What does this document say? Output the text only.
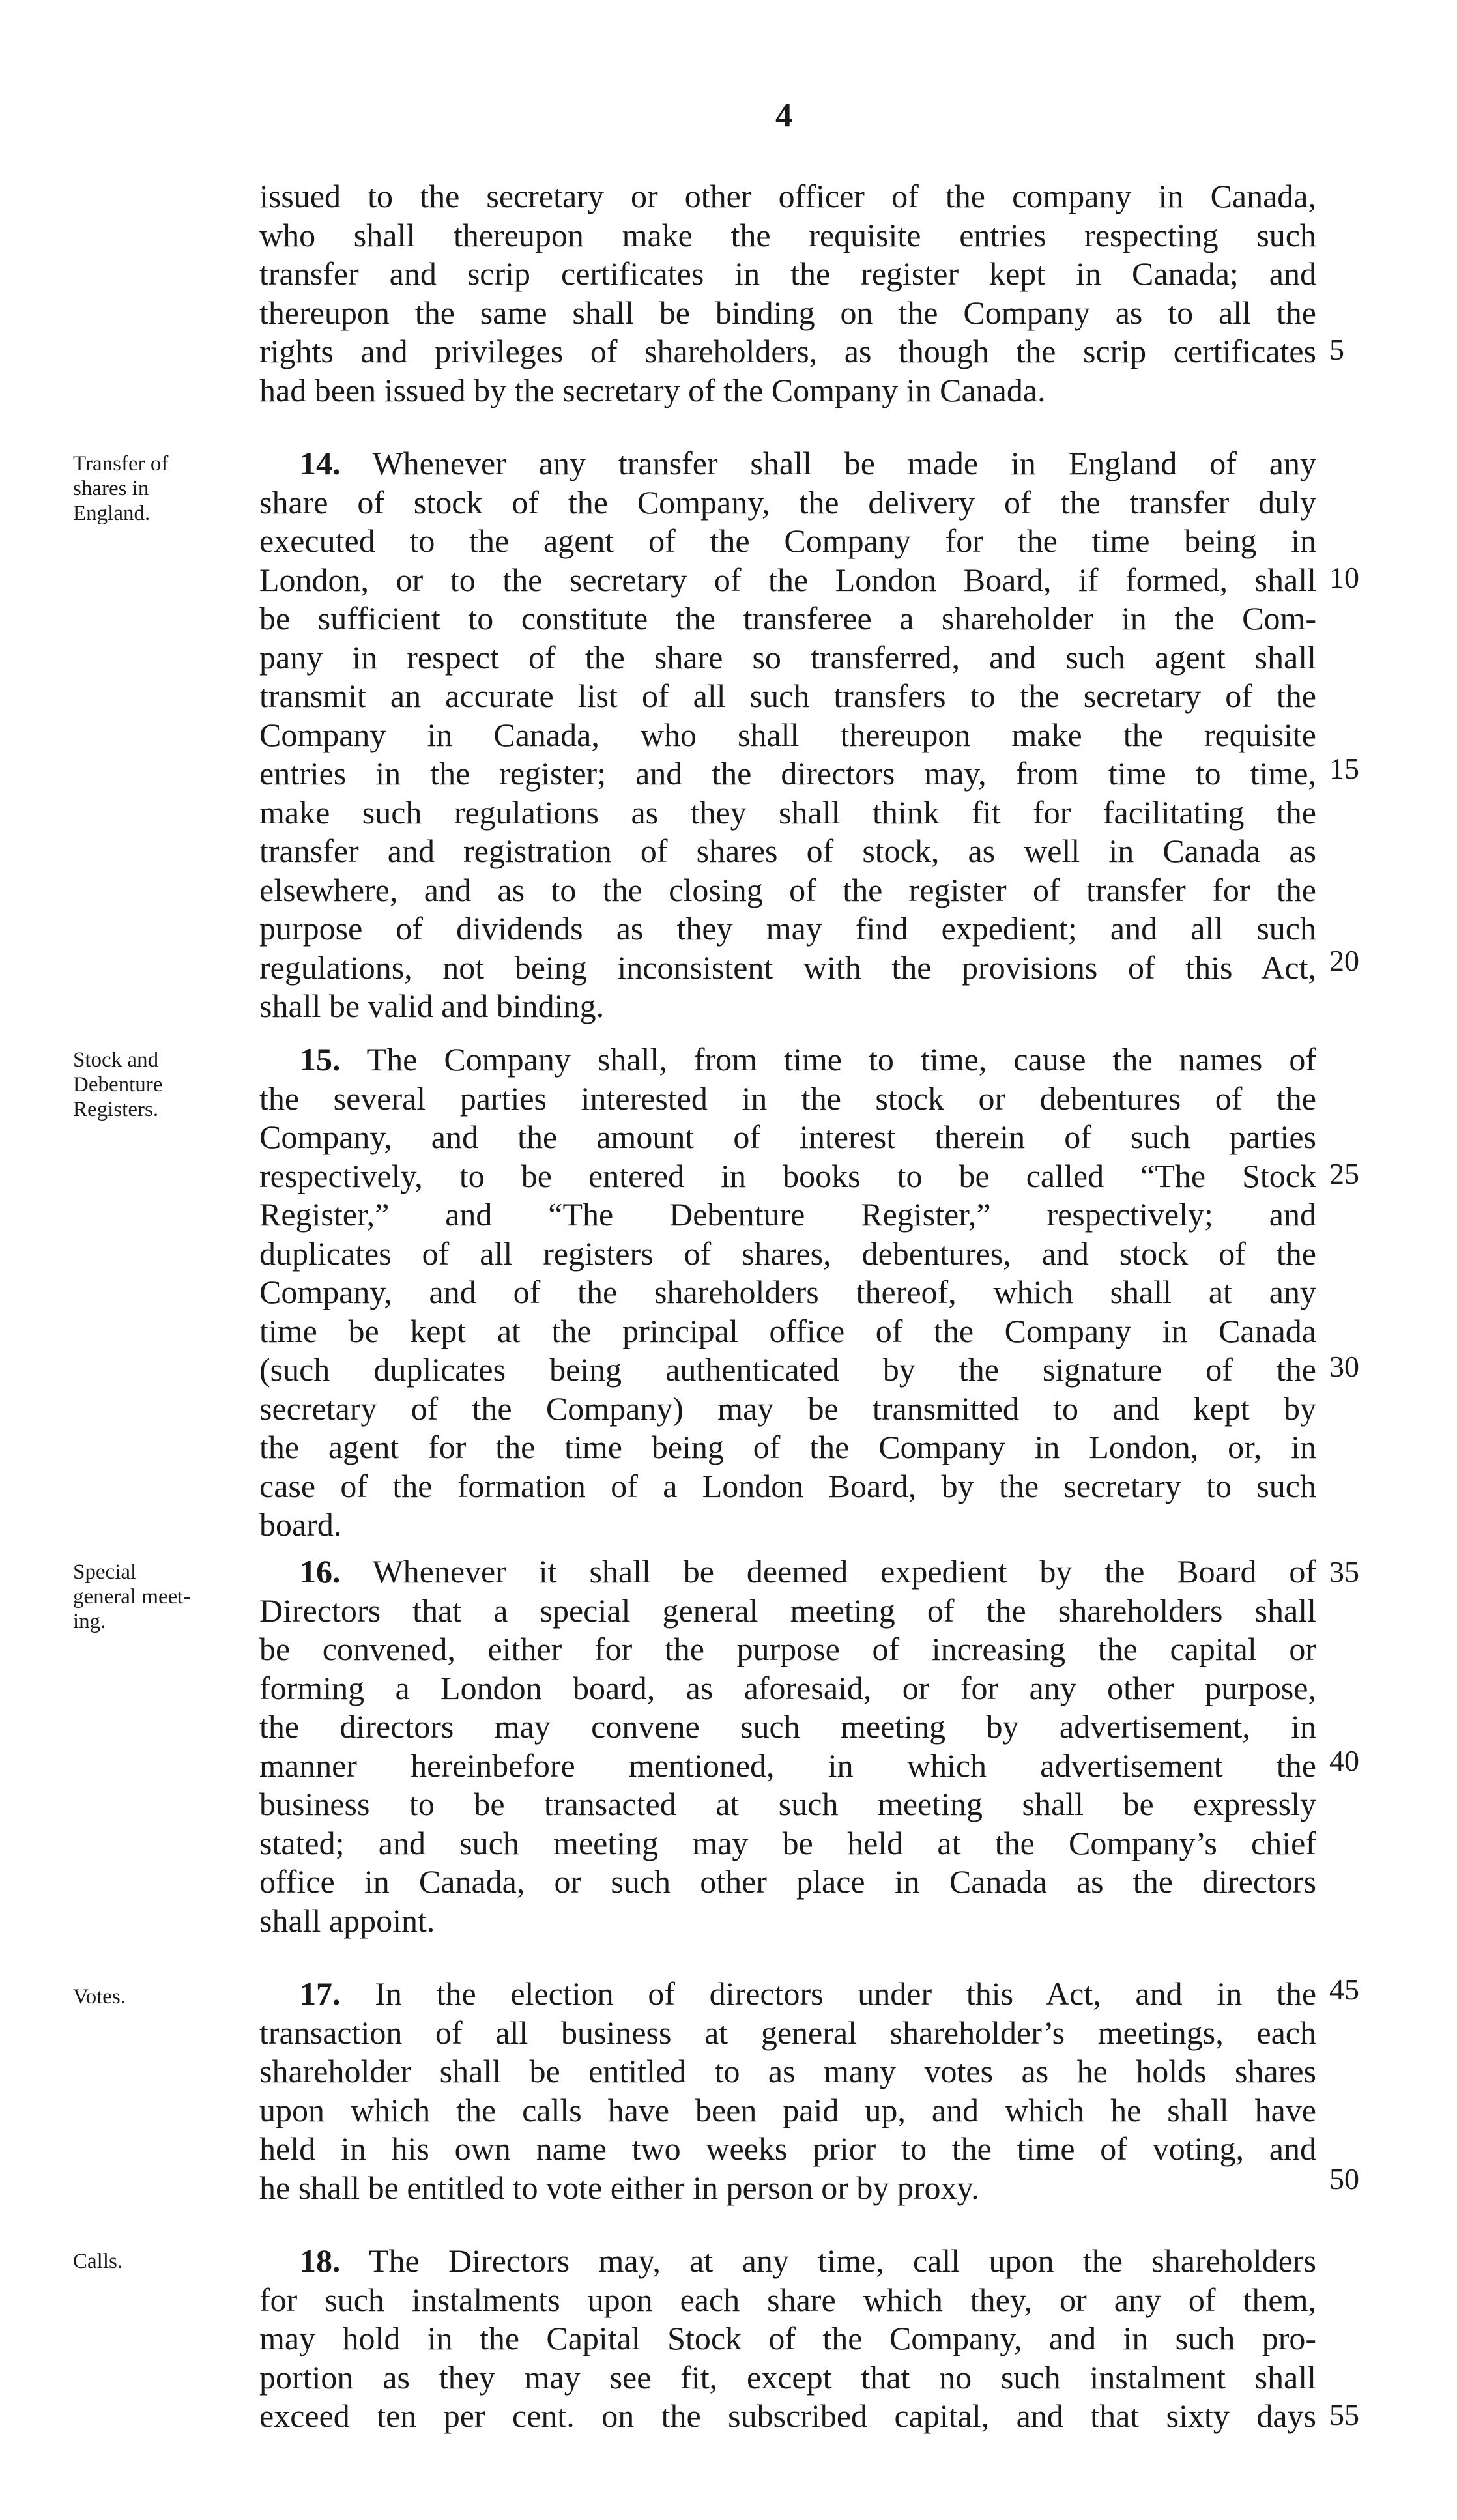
4
issued to the secretary or other officer of the company in Canada,
who shall thereupon make the requisite entries respecting such
transfer and scrip certificates in the register kept in Canada; and
thereupon the same shall be binding on the Company as to all the
rights and privileges of shareholders, as though the scrip certificates
had been issued by the secretary of the Company in Canada.
Transfer of
shares in
England.
14. Whenever any transfer shall be made in England of any
share of stock of the Company, the delivery of the transfer duly
executed to the agent of the Company for the time being in
London, or to the secretary of the London Board, if formed, shall
be sufficient to constitute the transferee a shareholder in the Com-
pany in respect of the share so transferred, and such agent shall
transmit an accurate list of all such transfers to the secretary of the
Company in Canada, who shall thereupon make the requisite
entries in the register; and the directors may, from time to time,
make such regulations as they shall think fit for facilitating the
transfer and registration of shares of stock, as well in Canada as
elsewhere, and as to the closing of the register of transfer for the
purpose of dividends as they may find expedient; and all such
regulations, not being inconsistent with the provisions of this Act,
shall be valid and binding.
Stock and
Debenture
Registers.
15. The Company shall, from time to time, cause the names of
the several parties interested in the stock or debentures of the
Company, and the amount of interest therein of such parties
respectively, to be entered in books to be called “The Stock
Register,” and “The Debenture Register,” respectively; and
duplicates of all registers of shares, debentures, and stock of the
Company, and of the shareholders thereof, which shall at any
time be kept at the principal office of the Company in Canada
(such duplicates being authenticated by the signature of the
secretary of the Company) may be transmitted to and kept by
the agent for the time being of the Company in London, or, in
case of the formation of a London Board, by the secretary to such
board.
Special
general meet-
ing.
16. Whenever it shall be deemed expedient by the Board of
Directors that a special general meeting of the shareholders shall
be convened, either for the purpose of increasing the capital or
forming a London board, as aforesaid, or for any other purpose,
the directors may convene such meeting by advertisement, in
manner hereinbefore mentioned, in which advertisement the
business to be transacted at such meeting shall be expressly
stated; and such meeting may be held at the Company’s chief
office in Canada, or such other place in Canada as the directors
shall appoint.
Votes.	17. In the election of directors under this Act, and in the
transaction of all business at general shareholder’s meetings, each
shareholder shall be entitled to as many votes as he holds shares
upon which the calls have been paid up, and which he shall have
held in his own name two weeks prior to the time of voting, and
he shall be entitled to vote either in person or by proxy.
Calls.	18. The Directors may, at any time, call upon the shareholders
for such instalments upon each share which they, or any of them,
may hold in the Capital Stock of the Company, and in such pro-
portion as they may see fit, except that no such instalment shall
exceed ten per cent. on the subscribed capital, and that sixty days
5
10
15
20
25
30
35
40
45
50
55
